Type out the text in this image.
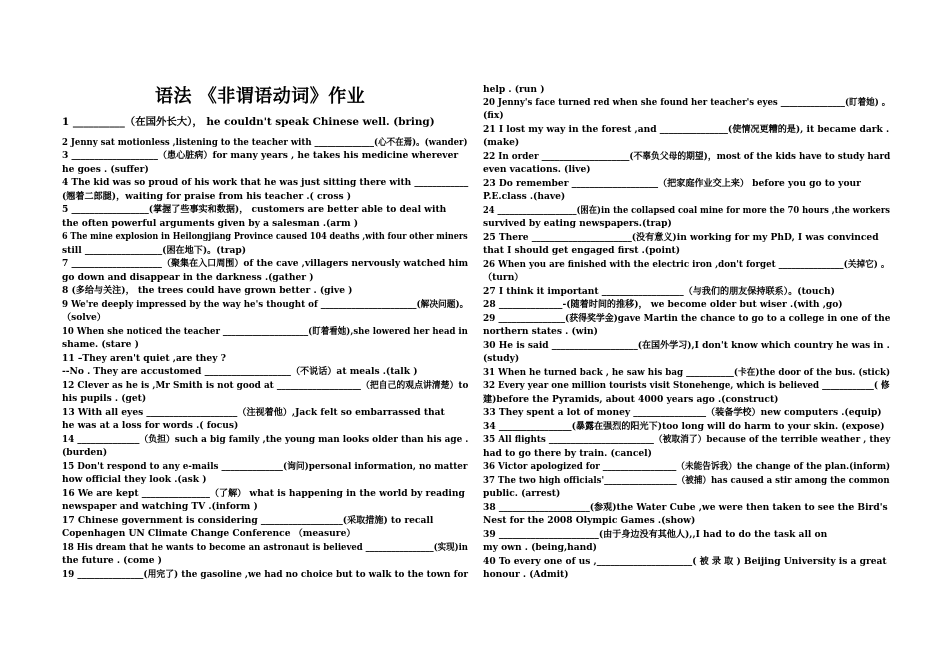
语法 《非谓语动词》作业
1 __________（在国外长大）， he couldn't speak Chinese well. (bring)
2 Jenny sat motionless ,listening to the teacher with ______________(心不在焉)。(wander)
3 ___________________（患心脏病）for many years , he takes his medicine wherever
he goes . (suffer)
4 The kid was so proud of his work that he was just sitting there with ____________
(翘着二郎腿)，waiting for praise from his teacher .( cross )
5 _________________(掌握了些事实和数据)， customers are better able to deal with
the often powerful arguments given by a salesman .(arm )
6 The mine explosion in Heilongjiang Province caused 104 deaths ,with four other miners
still _________________(困在地下)。(trap)
7 ____________________（聚集在入口周围）of the cave ,villagers nervously watched him
go down and disappear in the darkness .(gather )
8 (多给与关注)， the trees could have grown better . (give )
9 We're deeply impressed by the way he's thought of ______________________(解决问题)。
（solve）
10 When she noticed the teacher ____________________(盯着看她),she lowered her head in
shame. (stare )
11 –They aren't quiet ,are they ?
--No . They are accustomed ___________________（不说话）at meals .(talk )
12 Clever as he is ,Mr Smith is not good at ___________________（把自己的观点讲清楚）to
his pupils . (get)
13 With all eyes ____________________（注视着他）,Jack felt so embarrassed that
he was at a loss for words .( focus)
14 ______________（负担）such a big family ,the young man looks older than his age .
(burden)
15 Don't respond to any e-mails ______________(询问)personal information, no matter
how official they look .(ask )
16 We are kept _______________（了解） what is happening in the world by reading
newspaper and watching TV .(inform )
17 Chinese government is considering __________________(采取措施) to recall
Copenhagen UN Climate Change Conference （measure）
18 His dream that he wants to become an astronaut is believed ________________(实现)in
the future . (come )
19 _______________(用完了) the gasoline ,we had no choice but to walk to the town for
help . (run )
20 Jenny's face turned red when she found her teacher's eyes _______________(盯着她) 。
(fix)
21 I lost my way in the forest ,and _______________(使情况更糟的是), it became dark .
(make)
22 In order ____________________(不辜负父母的期望)，most of the kids have to study hard
even vacations. (live)
23 Do remember ___________________（把家庭作业交上来） before you go to your
P.E.class .(have)
24 ___________________(困在)in the collapsed coal mine for more the 70 hours ,the workers
survived by eating newspapers.(trap)
25 There ______________________(没有意义)in working for my PhD, I was convinced
that I should get engaged first .(point)
26 When you are finished with the electric iron ,don't forget _______________(关掉它) 。
（turn）
27 I think it important __________________（与我们的朋友保持联系）。(touch)
28 ______________-(随着时间的推移)， we become older but wiser .(with ,go)
29 _______________(获得奖学金)gave Martin the chance to go to a college in one of the
northern states . (win)
30 He is said ___________________(在国外学习),I don't know which country he was in .
(study)
31 When he turned back , he saw his bag ___________(卡在)the door of the bus. (stick)
32 Every year one million tourists visit Stonehenge, which is believed ____________( 修
建)before the Pyramids, about 4000 years ago .(construct)
33 They spent a lot of money ________________（装备学校）new computers .(equip)
34 ________________(暴露在强烈的阳光下)too long will do harm to your skin. (expose)
35 All flights ________________________（被取消了）because of the terrible weather , they
had to go there by train. (cancel)
36 Victor apologized for _________________（未能告诉我）the change of the plan.(inform)
37 The two high officials'_________________（被捕）has caused a stir among the common
public. (arrest)
38 ____________________(参观)the Water Cube ,we were then taken to see the Bird's
Nest for the 2008 Olympic Games .(show)
39 ______________________(由于身边没有其他人),,I had to do the task all on
my own . (being,hand)
40 To every one of us ,_____________________( 被 录 取 ) Beijing University is a great
honour . (Admit)
